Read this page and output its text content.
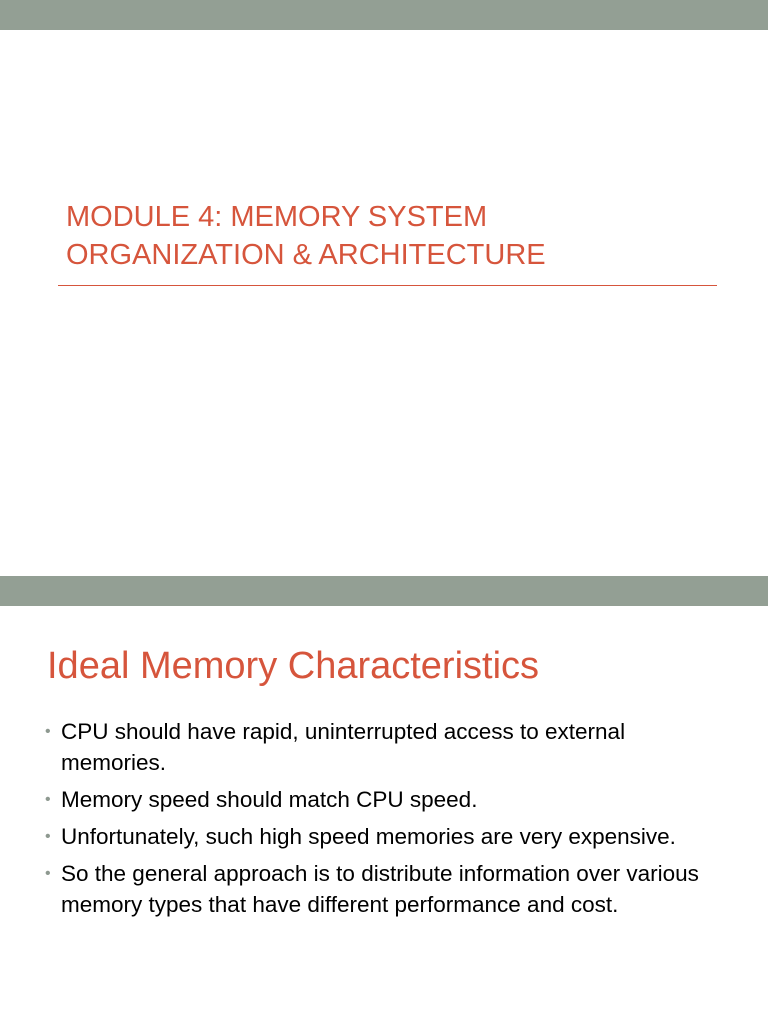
MODULE 4: MEMORY SYSTEM
ORGANIZATION & ARCHITECTURE
Ideal Memory Characteristics
• CPU should have rapid, uninterrupted access to external memories.
• Memory speed should match CPU speed.
• Unfortunately, such high speed memories are very expensive.
• So the general approach is to distribute information over various memory types that have different performance and cost.
